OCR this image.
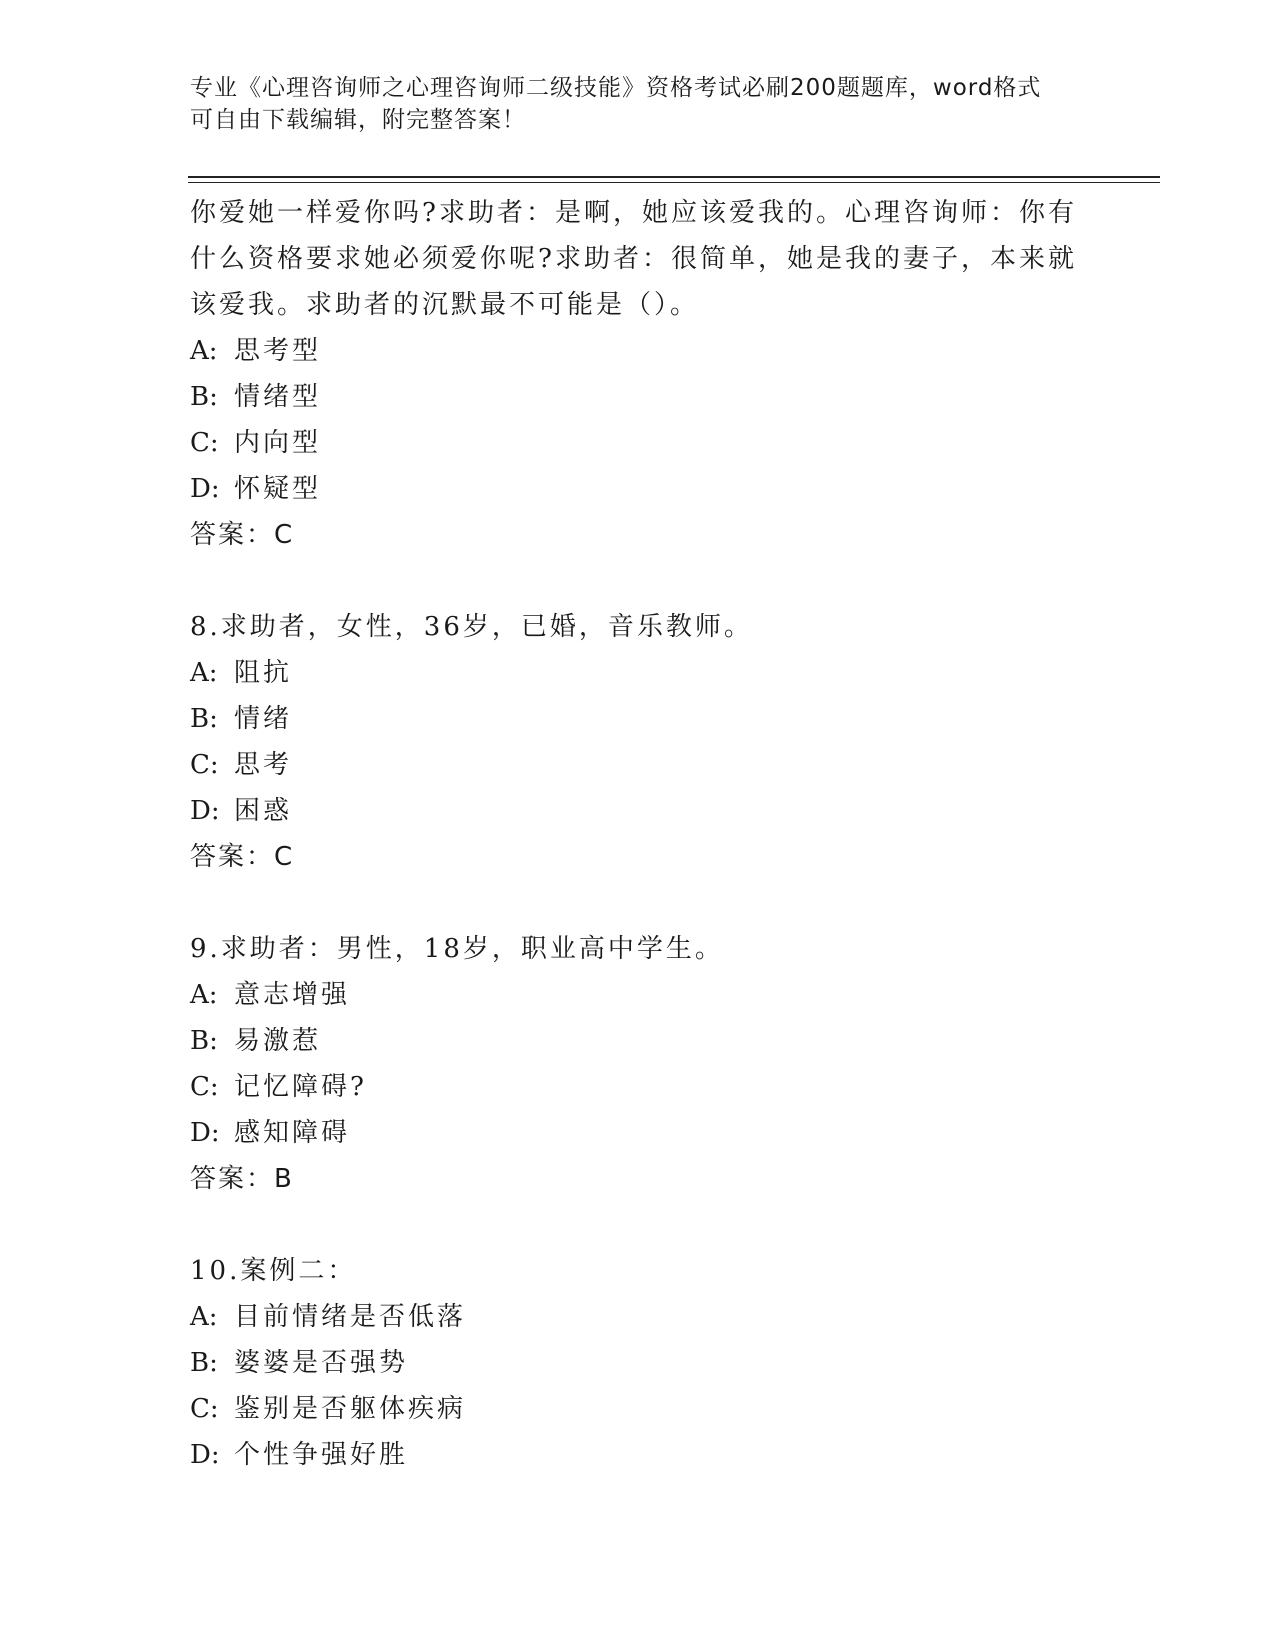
专业《心理咨询师之心理咨询师二级技能》资格考试必刷200题题库，word格式
可自由下载编辑，附完整答案！
你爱她一样爱你吗?求助者：是啊，她应该爱我的。心理咨询师：你有
什么资格要求她必须爱你呢?求助者：很简单，她是我的妻子，本来就
该爱我。求助者的沉默最不可能是（）。
A: 思考型
B: 情绪型
C: 内向型
D: 怀疑型
答案：C
8.求助者，女性，36岁，已婚，音乐教师。
A: 阻抗
B: 情绪
C: 思考
D: 困惑
答案：C
9.求助者：男性，18岁，职业高中学生。
A: 意志增强
B: 易激惹
C: 记忆障碍?
D: 感知障碍
答案：B
10.案例二：
A: 目前情绪是否低落
B: 婆婆是否强势
C: 鉴别是否躯体疾病
D: 个性争强好胜
